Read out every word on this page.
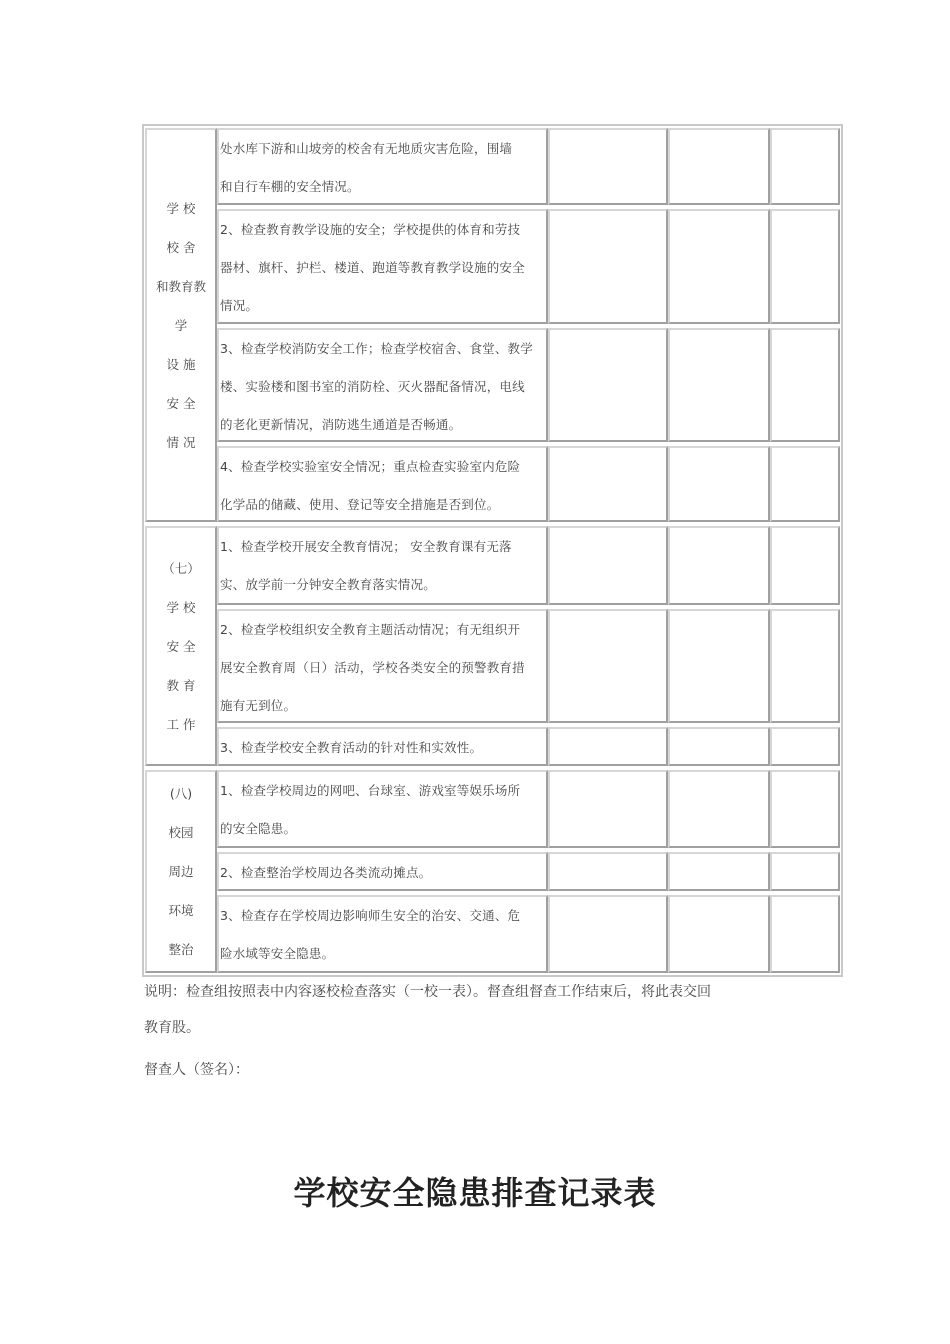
学 校
校 舍
和教育教
学
设 施
安 全
情 况
处水库下游和山坡旁的校舍有无地质灾害危险，围墙
和自行车棚的安全情况。
2、检查教育教学设施的安全；学校提供的体育和劳技
器材、旗杆、护栏、楼道、跑道等教育教学设施的安全
情况。
3、检查学校消防安全工作；检查学校宿舍、食堂、教学
楼、实验楼和图书室的消防栓、灭火器配备情况，电线
的老化更新情况，消防逃生通道是否畅通。
4、检查学校实验室安全情况；重点检查实验室内危险
化学品的储藏、使用、登记等安全措施是否到位。
（七）
学 校
安 全
教 育
工 作
1、检查学校开展安全教育情况； 安全教育课有无落
实、放学前一分钟安全教育落实情况。
2、检查学校组织安全教育主题活动情况；有无组织开
展安全教育周（日）活动，学校各类安全的预警教育措
施有无到位。
3、检查学校安全教育活动的针对性和实效性。
(八)
校园
周边
环境
整治
1、检查学校周边的网吧、台球室、游戏室等娱乐场所
的安全隐患。
2、检查整治学校周边各类流动摊点。
3、检查存在学校周边影响师生安全的治安、交通、危
险水域等安全隐患。
说明：检查组按照表中内容逐校检查落实（一校一表）。督查组督查工作结束后，将此表交回
教育股。
督查人（签名）：
学校安全隐患排查记录表
